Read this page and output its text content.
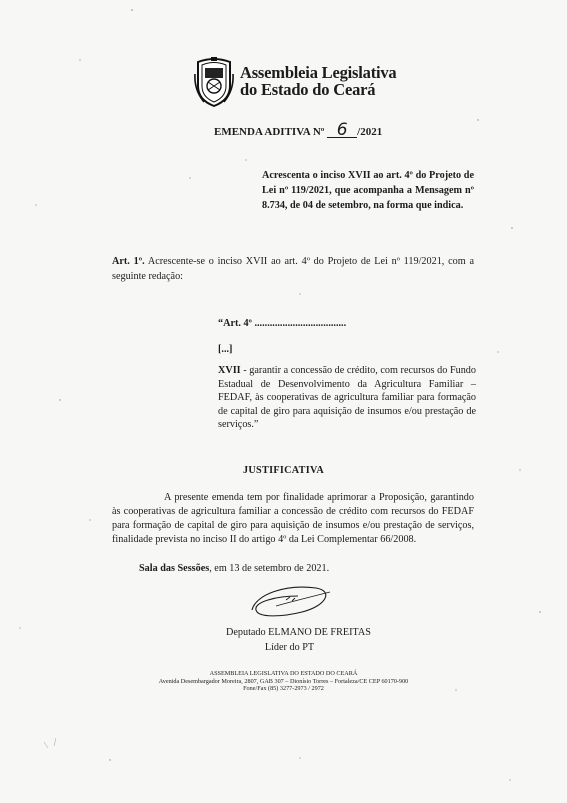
Assembleia Legislativa
do Estado do Ceará
EMENDA ADITIVA Nº 6 /2021
Acrescenta o inciso XVII ao art. 4º do Projeto de Lei nº 119/2021, que acompanha a Mensagem nº 8.734, de 04 de setembro, na forma que indica.
Art. 1º. Acrescente-se o inciso XVII ao art. 4º do Projeto de Lei nº 119/2021, com a seguinte redação:
“Art. 4º ....................................
[...]
XVII - garantir a concessão de crédito, com recursos do Fundo Estadual de Desenvolvimento da Agricultura Familiar – FEDAF, às cooperativas de agricultura familiar para formação de capital de giro para aquisição de insumos e/ou prestação de serviços.”
JUSTIFICATIVA
A presente emenda tem por finalidade aprimorar a Proposição, garantindo às cooperativas de agricultura familiar a concessão de crédito com recursos do FEDAF para formação de capital de giro para aquisição de insumos e/ou prestação de serviços, finalidade prevista no inciso II do artigo 4º da Lei Complementar 66/2008.
Sala das Sessões, em 13 de setembro de 2021.
Deputado ELMANO DE FREITAS
Líder do PT
ASSEMBLEIA LEGISLATIVA DO ESTADO DO CEARÁ
Avenida Desembargador Moreira, 2807, GAB 307 – Dionísio Torres – Fortaleza/CE CEP 60170-900
Fone/Fax (85) 3277-2973 / 2972
